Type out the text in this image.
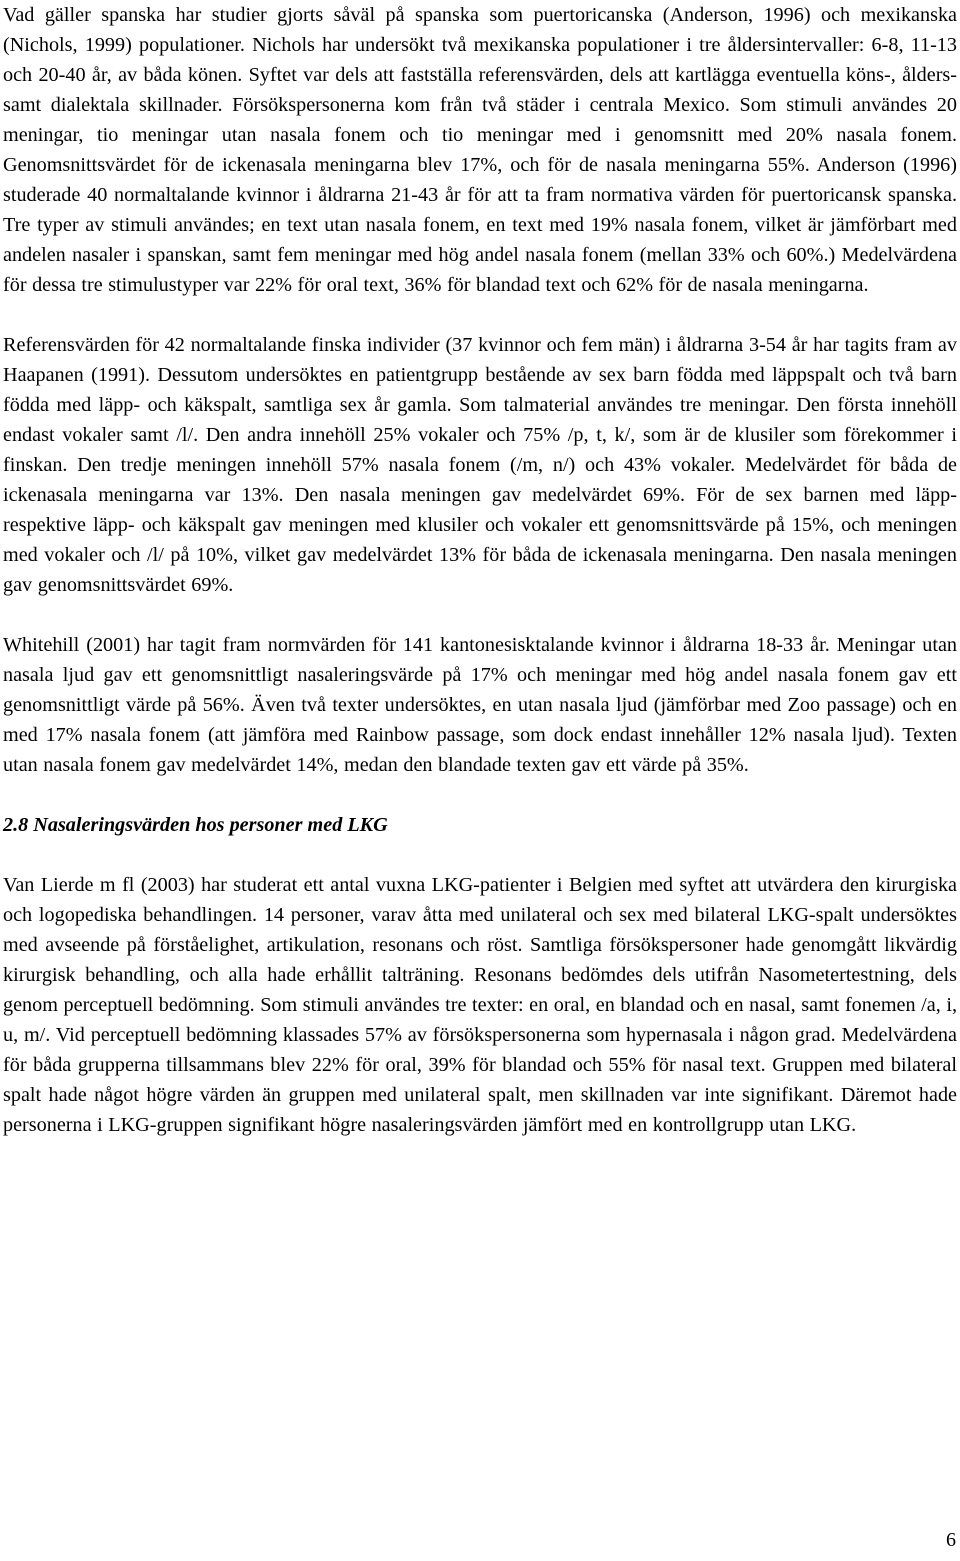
Vad gäller spanska har studier gjorts såväl på spanska som puertoricanska (Anderson, 1996) och mexikanska (Nichols, 1999) populationer. Nichols har undersökt två mexikanska populationer i tre åldersintervaller: 6-8, 11-13 och 20-40 år, av båda könen. Syftet var dels att fastställa referensvärden, dels att kartlägga eventuella köns-, ålders- samt dialektala skillnader. Försökspersonerna kom från två städer i centrala Mexico. Som stimuli användes 20 meningar, tio meningar utan nasala fonem och tio meningar med i genomsnitt med 20% nasala fonem. Genomsnittsvärdet för de ickenasala meningarna blev 17%, och för de nasala meningarna 55%. Anderson (1996) studerade 40 normaltalande kvinnor i åldrarna 21-43 år för att ta fram normativa värden för puertoricansk spanska. Tre typer av stimuli användes; en text utan nasala fonem, en text med 19% nasala fonem, vilket är jämförbart med andelen nasaler i spanskan, samt fem meningar med hög andel nasala fonem (mellan 33% och 60%.) Medelvärdena för dessa tre stimulustyper var 22% för oral text, 36% för blandad text och 62% för de nasala meningarna.

Referensvärden för 42 normaltalande finska individer (37 kvinnor och fem män) i åldrarna 3-54 år har tagits fram av Haapanen (1991). Dessutom undersöktes en patientgrupp bestående av sex barn födda med läppspalt och två barn födda med läpp- och käkspalt, samtliga sex år gamla. Som talmaterial användes tre meningar. Den första innehöll endast vokaler samt /l/. Den andra innehöll 25% vokaler och 75% /p, t, k/, som är de klusiler som förekommer i finskan. Den tredje meningen innehöll 57% nasala fonem (/m, n/) och 43% vokaler. Medelvärdet för båda de ickenasala meningarna var 13%. Den nasala meningen gav medelvärdet 69%. För de sex barnen med läpp- respektive läpp- och käkspalt gav meningen med klusiler och vokaler ett genomsnittsvärde på 15%, och meningen med vokaler och /l/ på 10%, vilket gav medelvärdet 13% för båda de ickenasala meningarna. Den nasala meningen gav genomsnittsvärdet 69%.

Whitehill (2001) har tagit fram normvärden för 141 kantonesisktalande kvinnor i åldrarna 18-33 år. Meningar utan nasala ljud gav ett genomsnittligt nasaleringsvärde på 17% och meningar med hög andel nasala fonem gav ett genomsnittligt värde på 56%. Även två texter undersöktes, en utan nasala ljud (jämförbar med Zoo passage) och en med 17% nasala fonem (att jämföra med Rainbow passage, som dock endast innehåller 12% nasala ljud). Texten utan nasala fonem gav medelvärdet 14%, medan den blandade texten gav ett värde på 35%.

2.8 Nasaleringsvärden hos personer med LKG

Van Lierde m fl (2003) har studerat ett antal vuxna LKG-patienter i Belgien med syftet att utvärdera den kirurgiska och logopediska behandlingen. 14 personer, varav åtta med unilateral och sex med bilateral LKG-spalt undersöktes med avseende på förståelighet, artikulation, resonans och röst. Samtliga försökspersoner hade genomgått likvärdig kirurgisk behandling, och alla hade erhållit talträning. Resonans bedömdes dels utifrån Nasometertestning, dels genom perceptuell bedömning. Som stimuli användes tre texter: en oral, en blandad och en nasal, samt fonemen /a, i, u, m/. Vid perceptuell bedömning klassades 57% av försökspersonerna som hypernasala i någon grad. Medelvärdena för båda grupperna tillsammans blev 22% för oral, 39% för blandad och 55% för nasal text. Gruppen med bilateral spalt hade något högre värden än gruppen med unilateral spalt, men skillnaden var inte signifikant. Däremot hade personerna i LKG-gruppen signifikant högre nasaleringsvärden jämfört med en kontrollgrupp utan LKG.

6
